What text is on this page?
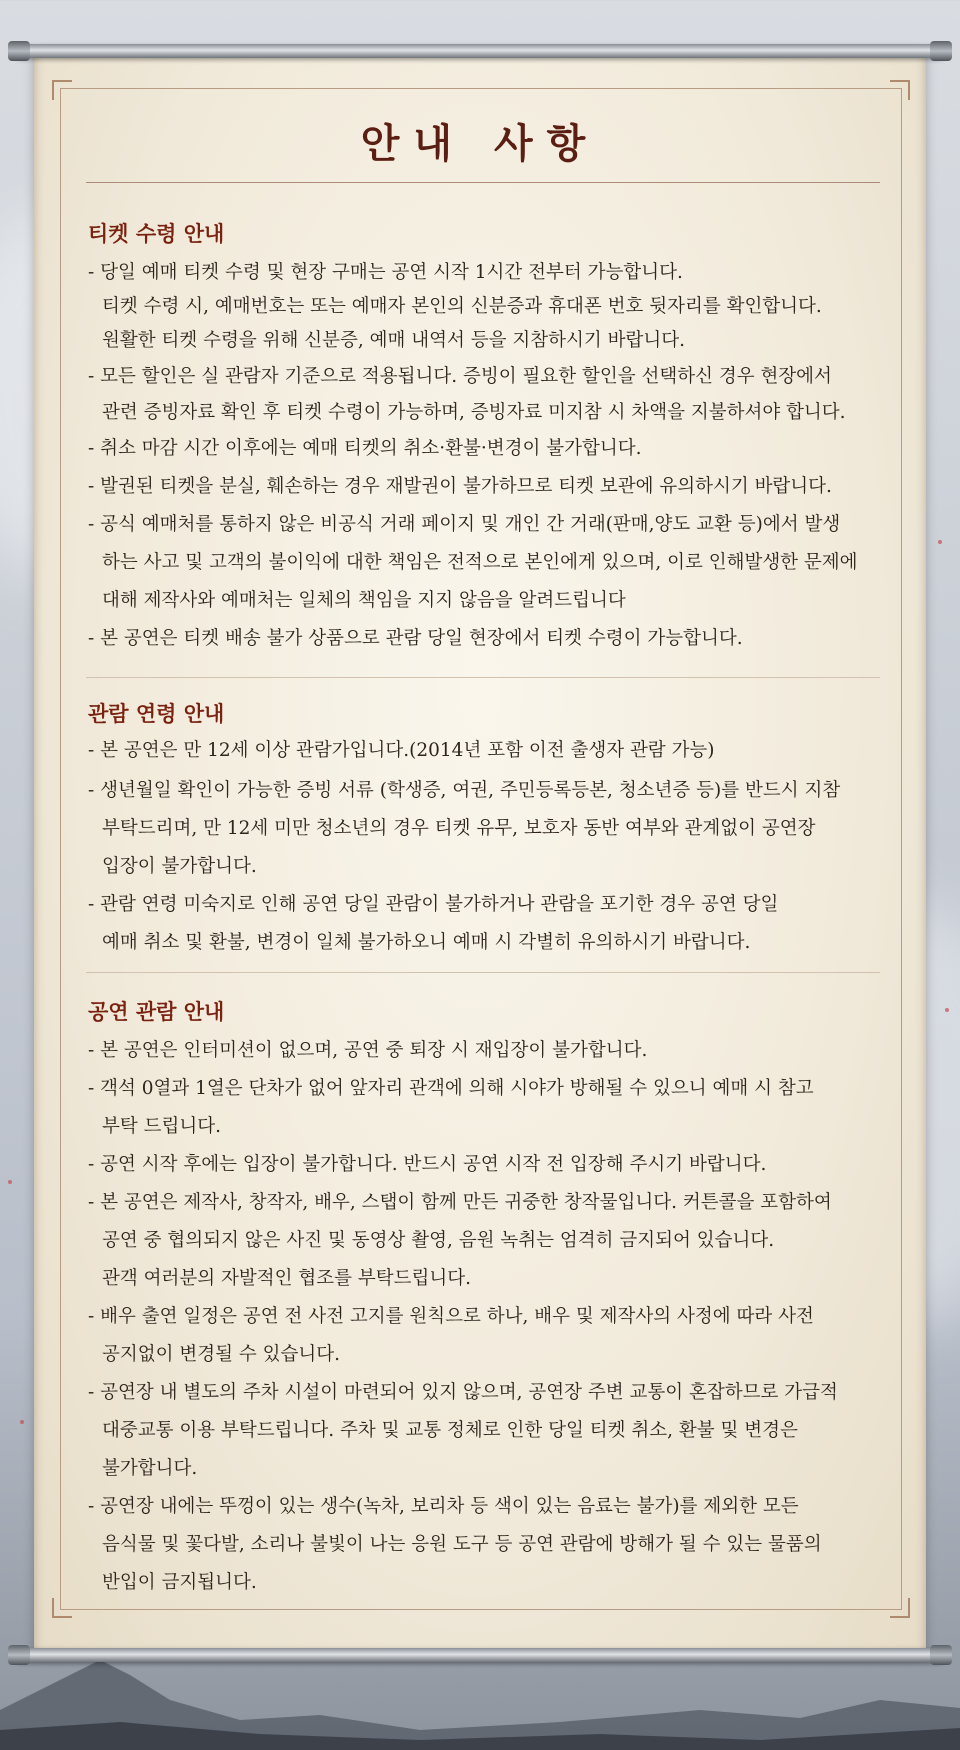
안내 사항
티켓 수령 안내
- 당일 예매 티켓 수령 및 현장 구매는 공연 시작 1시간 전부터 가능합니다.
티켓 수령 시, 예매번호는 또는 예매자 본인의 신분증과 휴대폰 번호 뒷자리를 확인합니다.
원활한 티켓 수령을 위해 신분증, 예매 내역서 등을 지참하시기 바랍니다.
- 모든 할인은 실 관람자 기준으로 적용됩니다. 증빙이 필요한 할인을 선택하신 경우 현장에서
관련 증빙자료 확인 후 티켓 수령이 가능하며, 증빙자료 미지참 시 차액을 지불하셔야 합니다.
- 취소 마감 시간 이후에는 예매 티켓의 취소·환불·변경이 불가합니다.
- 발권된 티켓을 분실, 훼손하는 경우 재발권이 불가하므로 티켓 보관에 유의하시기 바랍니다.
- 공식 예매처를 통하지 않은 비공식 거래 페이지 및 개인 간 거래(판매,양도 교환 등)에서 발생
하는 사고 및 고객의 불이익에 대한 책임은 전적으로 본인에게 있으며, 이로 인해발생한 문제에
대해 제작사와 예매처는 일체의 책임을 지지 않음을 알려드립니다
- 본 공연은 티켓 배송 불가 상품으로 관람 당일 현장에서 티켓 수령이 가능합니다.
관람 연령 안내
- 본 공연은 만 12세 이상 관람가입니다.(2014년 포함 이전 출생자 관람 가능)
- 생년월일 확인이 가능한 증빙 서류 (학생증, 여권, 주민등록등본, 청소년증 등)를 반드시 지참
부탁드리며, 만 12세 미만 청소년의 경우 티켓 유무, 보호자 동반 여부와 관계없이 공연장
입장이 불가합니다.
- 관람 연령 미숙지로 인해 공연 당일 관람이 불가하거나 관람을 포기한 경우 공연 당일
예매 취소 및 환불, 변경이 일체 불가하오니 예매 시 각별히 유의하시기 바랍니다.
공연 관람 안내
- 본 공연은 인터미션이 없으며, 공연 중 퇴장 시 재입장이 불가합니다.
- 객석 0열과 1열은 단차가 없어 앞자리 관객에 의해 시야가 방해될 수 있으니 예매 시 참고
부탁 드립니다.
- 공연 시작 후에는 입장이 불가합니다. 반드시 공연 시작 전 입장해 주시기 바랍니다.
- 본 공연은 제작사, 창작자, 배우, 스탭이 함께 만든 귀중한 창작물입니다. 커튼콜을 포함하여
공연 중 협의되지 않은 사진 및 동영상 촬영, 음원 녹취는 엄격히 금지되어 있습니다.
관객 여러분의 자발적인 협조를 부탁드립니다.
- 배우 출연 일정은 공연 전 사전 고지를 원칙으로 하나, 배우 및 제작사의 사정에 따라 사전
공지없이 변경될 수 있습니다.
- 공연장 내 별도의 주차 시설이 마련되어 있지 않으며, 공연장 주변 교통이 혼잡하므로 가급적
대중교통 이용 부탁드립니다. 주차 및 교통 정체로 인한 당일 티켓 취소, 환불 및 변경은
불가합니다.
- 공연장 내에는 뚜껑이 있는 생수(녹차, 보리차 등 색이 있는 음료는 불가)를 제외한 모든
음식물 및 꽃다발, 소리나 불빛이 나는 응원 도구 등 공연 관람에 방해가 될 수 있는 물품의
반입이 금지됩니다.
